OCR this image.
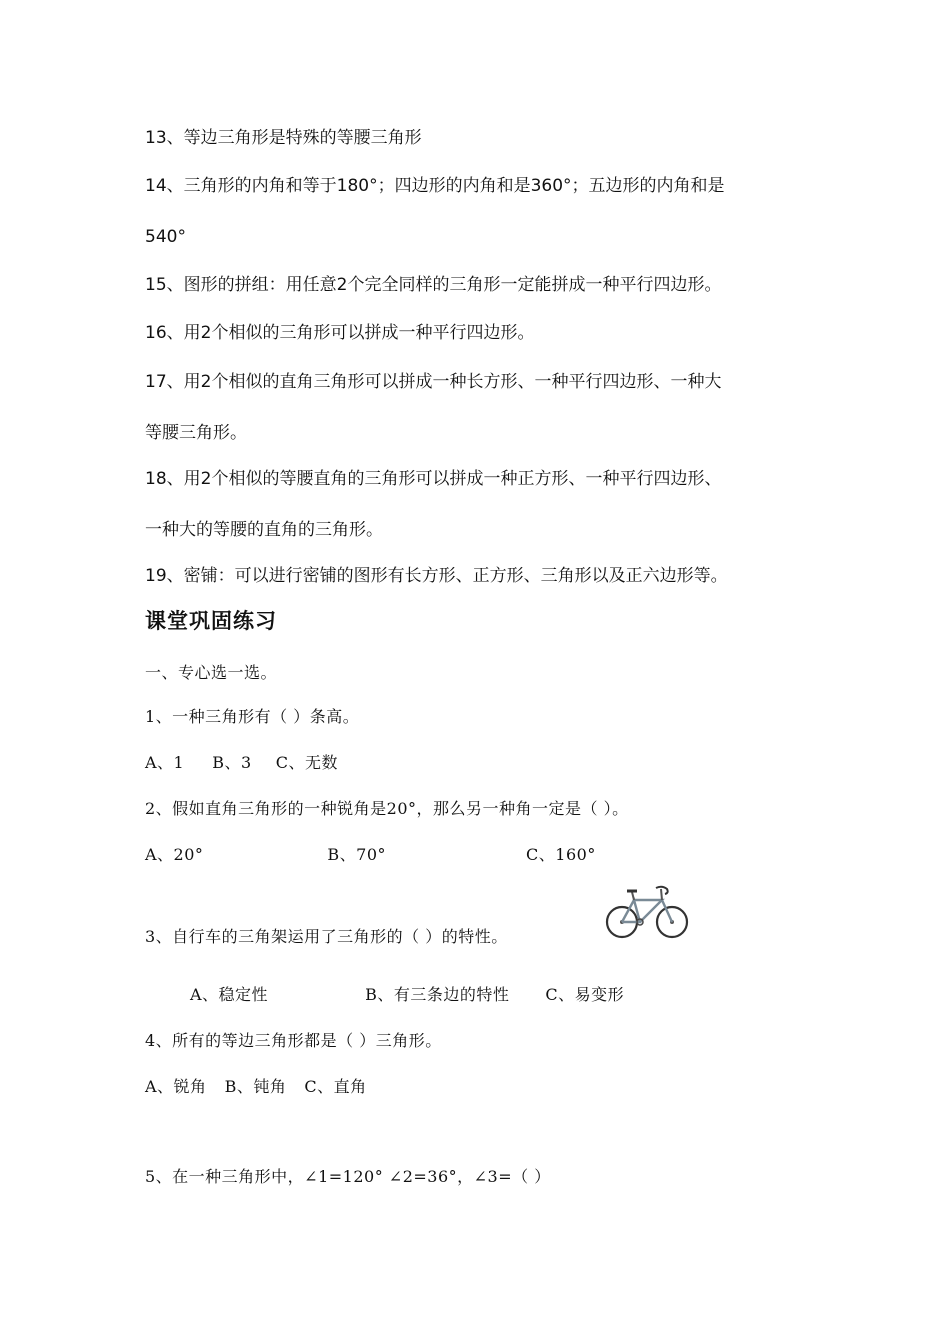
13、等边三角形是特殊的等腰三角形
14、三角形的内角和等于180°；四边形的内角和是360°；五边形的内角和是
540°
15、图形的拼组：用任意2个完全同样的三角形一定能拼成一种平行四边形。
16、用2个相似的三角形可以拼成一种平行四边形。
17、用2个相似的直角三角形可以拼成一种长方形、一种平行四边形、一种大
等腰三角形。
18、用2个相似的等腰直角的三角形可以拼成一种正方形、一种平行四边形、
一种大的等腰的直角的三角形。
19、密铺：可以进行密铺的图形有长方形、正方形、三角形以及正六边形等。
课堂巩固练习
一、专心选一选。
1、一种三角形有（ ）条高。
A、1 B、3 C、无数
2、假如直角三角形的一种锐角是20°，那么另一种角一定是（ ）。
A、20°	B、70°	C、160°
3、自行车的三角架运用了三角形的（ ）的特性。
A、稳定性	B、有三条边的特性 C、易变形
4、所有的等边三角形都是（ ）三角形。
A、锐角 B、钝角 C、直角
5、在一种三角形中，∠1=120° ∠2=36°，∠3=（ ）
